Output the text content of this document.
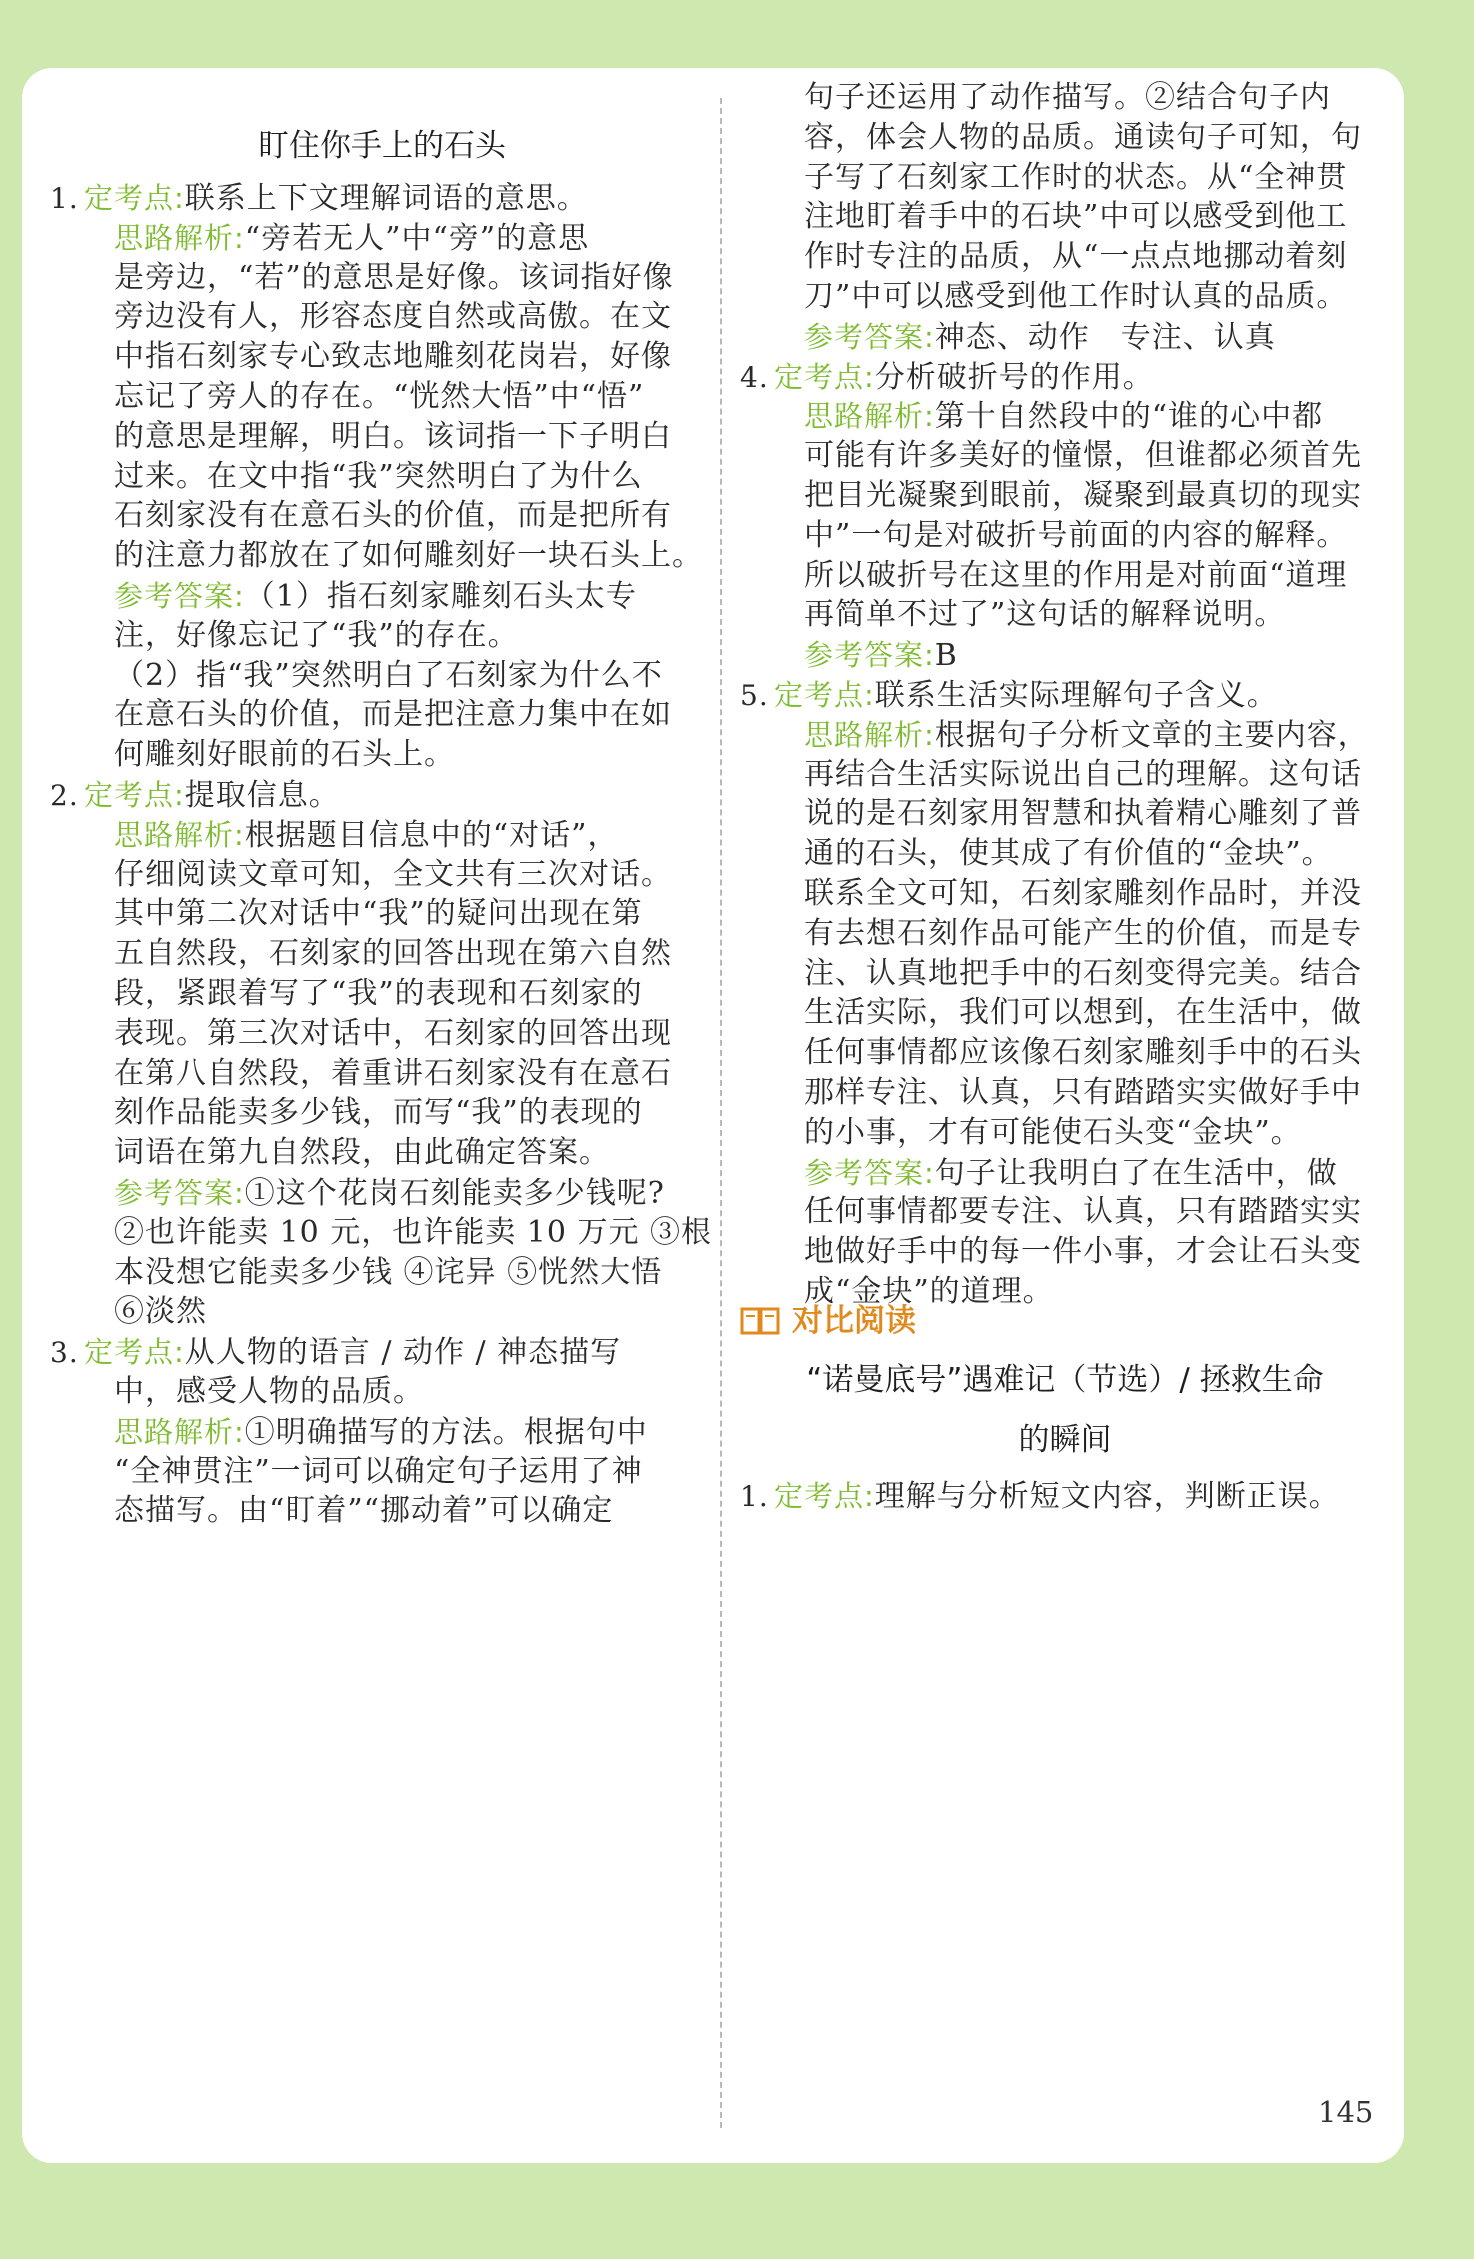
盯住你手上的石头
1. 定考点:联系上下文理解词语的意思。
思路解析:“旁若无人”中“旁”的意思
是旁边，“若”的意思是好像。该词指好像
旁边没有人，形容态度自然或高傲。在文
中指石刻家专心致志地雕刻花岗岩，好像
忘记了旁人的存在。“恍然大悟”中“悟”
的意思是理解，明白。该词指一下子明白
过来。在文中指“我”突然明白了为什么
石刻家没有在意石头的价值，而是把所有
的注意力都放在了如何雕刻好一块石头上。
参考答案:（1）指石刻家雕刻石头太专
注，好像忘记了“我”的存在。
（2）指“我”突然明白了石刻家为什么不
在意石头的价值，而是把注意力集中在如
何雕刻好眼前的石头上。
2. 定考点:提取信息。
思路解析:根据题目信息中的“对话”，
仔细阅读文章可知，全文共有三次对话。
其中第二次对话中“我”的疑问出现在第
五自然段，石刻家的回答出现在第六自然
段，紧跟着写了“我”的表现和石刻家的
表现。第三次对话中，石刻家的回答出现
在第八自然段，着重讲石刻家没有在意石
刻作品能卖多少钱，而写“我”的表现的
词语在第九自然段，由此确定答案。
参考答案:①这个花岗石刻能卖多少钱呢?
②也许能卖 10 元，也许能卖 10 万元 ③根
本没想它能卖多少钱 ④诧异 ⑤恍然大悟
⑥淡然
3. 定考点:从人物的语言 / 动作 / 神态描写
中，感受人物的品质。
思路解析:①明确描写的方法。根据句中
“全神贯注”一词可以确定句子运用了神
态描写。由“盯着”“挪动着”可以确定
句子还运用了动作描写。②结合句子内
容，体会人物的品质。通读句子可知，句
子写了石刻家工作时的状态。从“全神贯
注地盯着手中的石块”中可以感受到他工
作时专注的品质，从“一点点地挪动着刻
刀”中可以感受到他工作时认真的品质。
参考答案:神态、动作　专注、认真
4. 定考点:分析破折号的作用。
思路解析:第十自然段中的“谁的心中都
可能有许多美好的憧憬，但谁都必须首先
把目光凝聚到眼前，凝聚到最真切的现实
中”一句是对破折号前面的内容的解释。
所以破折号在这里的作用是对前面“道理
再简单不过了”这句话的解释说明。
参考答案:B
5. 定考点:联系生活实际理解句子含义。
思路解析:根据句子分析文章的主要内容，
再结合生活实际说出自己的理解。这句话
说的是石刻家用智慧和执着精心雕刻了普
通的石头，使其成了有价值的“金块”。
联系全文可知，石刻家雕刻作品时，并没
有去想石刻作品可能产生的价值，而是专
注、认真地把手中的石刻变得完美。结合
生活实际，我们可以想到，在生活中，做
任何事情都应该像石刻家雕刻手中的石头
那样专注、认真，只有踏踏实实做好手中
的小事，才有可能使石头变“金块”。
参考答案:句子让我明白了在生活中，做
任何事情都要专注、认真，只有踏踏实实
地做好手中的每一件小事，才会让石头变
成“金块”的道理。
对比阅读
“诺曼底号”遇难记（节选）/ 拯救生命
的瞬间
1. 定考点:理解与分析短文内容，判断正误。
145
